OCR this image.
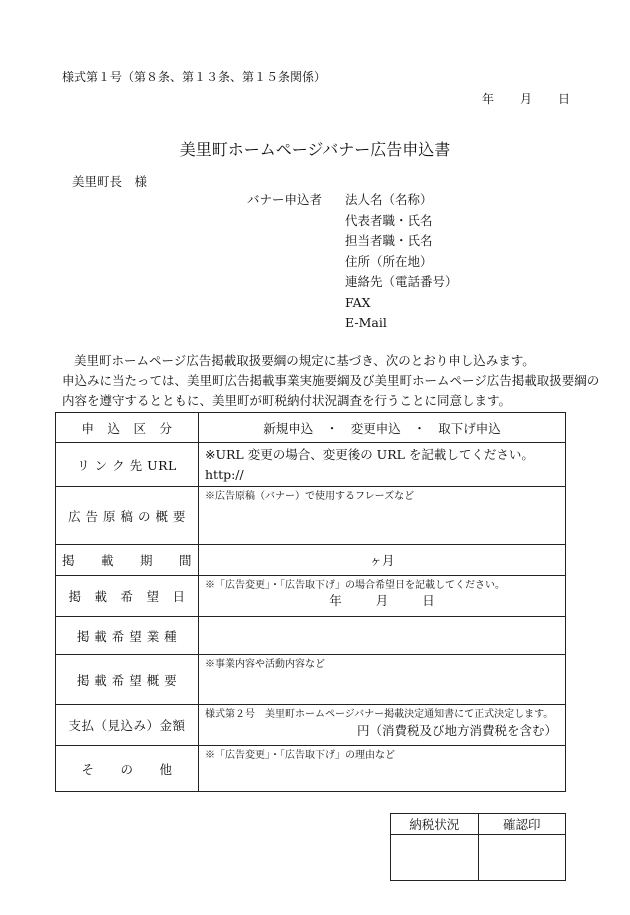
様式第１号（第８条、第１３条、第１５条関係）
年 月 日
美里町ホームページバナー広告申込書
美里町長　様
バナー申込者 法人名（名称）
代表者職・氏名
担当者職・氏名
住所（所在地）
連絡先（電話番号）
FAX
E-Mail

美里町ホームページ広告掲載取扱要綱の規定に基づき、次のとおり申し込みます。

申込みに当たっては、美里町広告掲載事業実施要綱及び美里町ホームページ広告掲載取扱要綱の

内容を遵守するとともに、美里町が町税納付状況調査を行うことに同意します。

申　込　区　分	新規申込　・　変更申込　・　取下げ申込
リ ン ク 先 URL	※URL 変更の場合、変更後の URL を記載してください。
http://

広 告 原 稿 の 概 要	※広告原稿（バナー）で使用するフレーズなど

掲　　載　　期　　間	ヶ月
掲　載　希　望　日	※「広告変更」・「広告取下げ」の場合希望日を記載してください。
年 月 日

掲 載 希 望 業 種	
掲 載 希 望 概 要	※事業内容や活動内容など

支払（見込み）金額	様式第２号　美里町ホームページバナー掲載決定通知書にて正式決定します。
円（消費税及び地方消費税を含む）

そ　　の　　他	※「広告変更」・「広告取下げ」の理由など
納税状況	確認印
